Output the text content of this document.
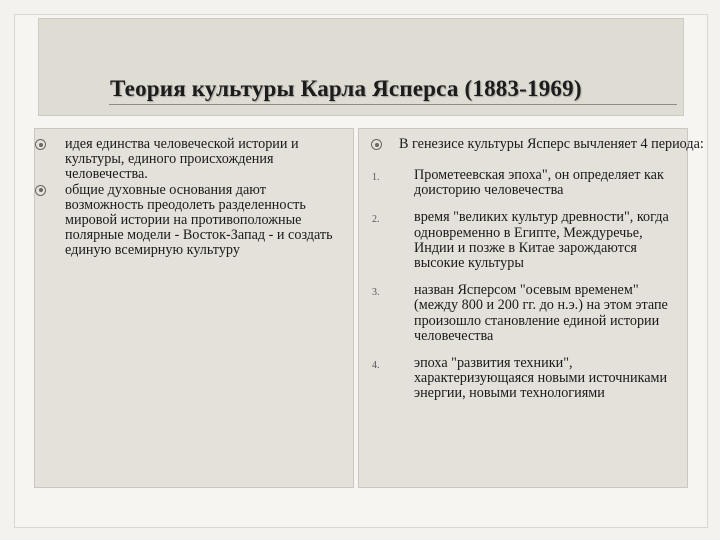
Теория культуры Карла Ясперса (1883-1969)
идея единства человеческой истории и культуры, единого происхождения человечества.
общие духовные основания дают возможность преодолеть разделенность мировой истории на противоположные полярные модели - Восток-Запад - и создать единую всемирную культуру
В генезисе культуры Ясперс вычленяет 4 периода:
1. Прометеевская эпоха", он определяет как доисторию человечества
2. время "великих культур древности", когда одновременно в Египте, Междуречье, Индии и позже в Китае зарождаются высокие культуры
3. назван Ясперсом "осевым временем" (между 800 и 200 гг. до н.э.) на этом этапе произошло становление единой истории человечества
4. эпоха "развития техники", характеризующаяся новыми источниками энергии, новыми технологиями
